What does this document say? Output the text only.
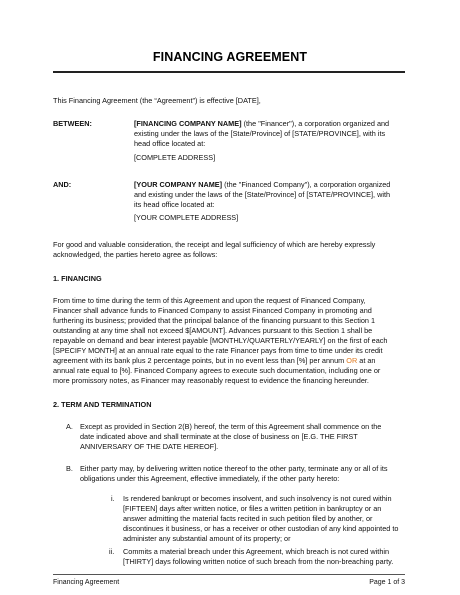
FINANCING AGREEMENT
This Financing Agreement (the “Agreement”) is effective [DATE],
BETWEEN:	[FINANCING COMPANY NAME] (the "Financer"), a corporation organized and
existing under the laws of the [State/Province] of [STATE/PROVINCE], with its
head office located at:
[COMPLETE ADDRESS]
AND:	[YOUR COMPANY NAME] (the "Financed Company"), a corporation organized
and existing under the laws of the [State/Province] of [STATE/PROVINCE], with
its head office located at:
[YOUR COMPLETE ADDRESS]
For good and valuable consideration, the receipt and legal sufficiency of which are hereby expressly
acknowledged, the parties hereto agree as follows:
1. FINANCING
From time to time during the term of this Agreement and upon the request of Financed Company,
Financer shall advance funds to Financed Company to assist Financed Company in promoting and
furthering its business; provided that the principal balance of the financing pursuant to this Section 1
outstanding at any time shall not exceed $[AMOUNT]. Advances pursuant to this Section 1 shall be
repayable on demand and bear interest payable [MONTHLY/QUARTERLY/YEARLY] on the first of each
[SPECIFY MONTH] at an annual rate equal to the rate Financer pays from time to time under its credit
agreement with its bank plus 2 percentage points, but in no event less than [%] per annum OR at an
annual rate equal to [%]. Financed Company agrees to execute such documentation, including one or
more promissory notes, as Financer may reasonably request to evidence the financing hereunder.
2. TERM AND TERMINATION
A. Except as provided in Section 2(B) hereof, the term of this Agreement shall commence on the
date indicated above and shall terminate at the close of business on [E.G. THE FIRST
ANNIVERSARY OF THE DATE HEREOF].
B. Either party may, by delivering written notice thereof to the other party, terminate any or all of its
obligations under this Agreement, effective immediately, if the other party hereto:
i. Is rendered bankrupt or becomes insolvent, and such insolvency is not cured within
[FIFTEEN] days after written notice, or files a written petition in bankruptcy or an
answer admitting the material facts recited in such petition filed by another, or
discontinues it business, or has a receiver or other custodian of any kind appointed to
administer any substantial amount of its property; or
ii. Commits a material breach under this Agreement, which breach is not cured within
[THIRTY] days following written notice of such breach from the non-breaching party.
Financing Agreement	Page 1 of 3
